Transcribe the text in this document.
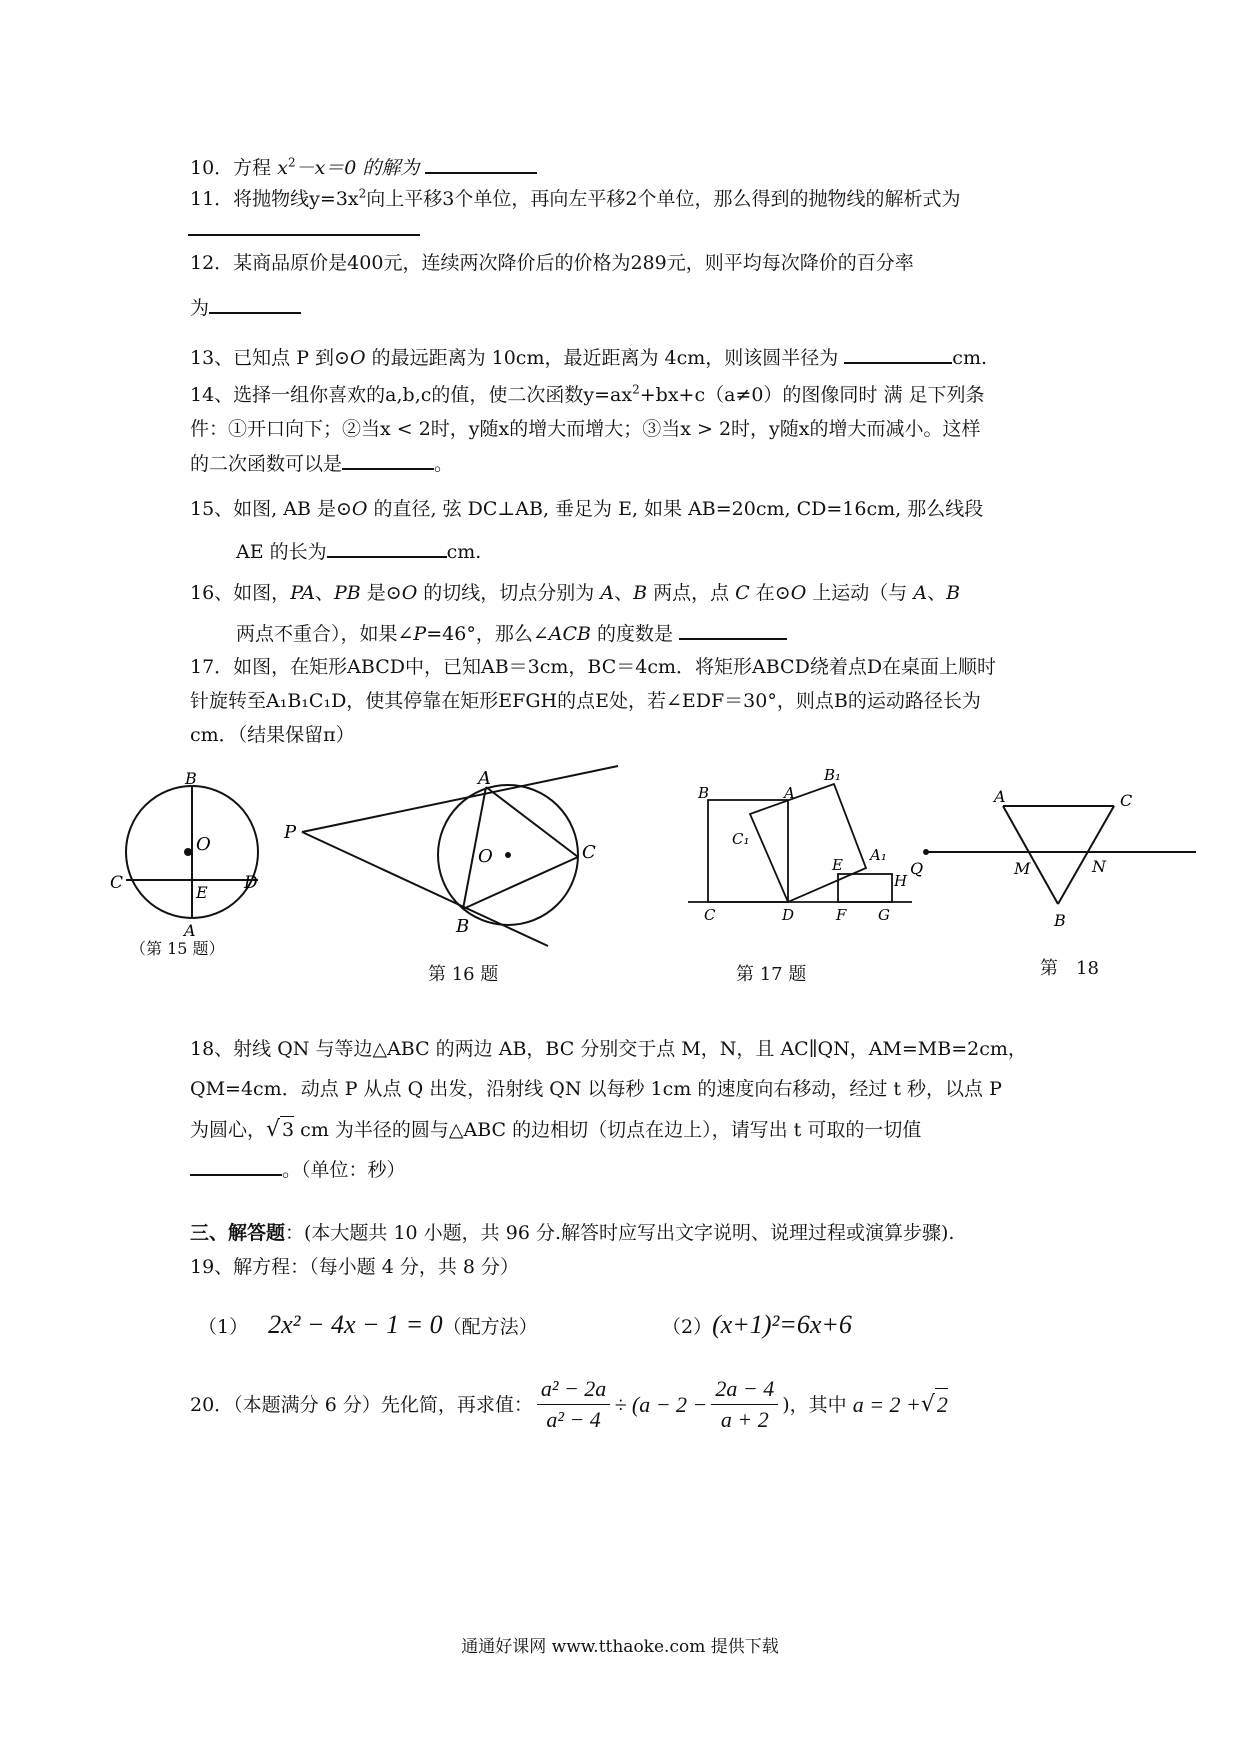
10．方程 $x^2-x=0$ 的解为
11．将抛物线$y=3x^2$向上平移3个单位，再向左平移2个单位，那么得到的抛物线的解析式为
12．某商品原价是400元，连续两次降价后的价格为289元，则平均每次降价的百分率
为
13、已知点 P 到⊙O 的最远距离为 10cm，最近距离为 4cm，则该圆半径为	cm.
14、选择一组你喜欢的a,b,c的值，使二次函数$y=ax^2+bx+c(a\ne 0)$的图像同时 满 足下列条
件：①开口向下；②当x < 2时，y随x的增大而增大；③当x > 2时，y随x的增大而减小。这样
的二次函数可以是	。
15、如图, AB 是⊙O 的直径, 弦 DC⊥AB, 垂足为 E, 如果 AB=20cm, CD=16cm, 那么线段
AE 的长为	cm.
16、如图，PA、PB 是⊙O 的切线，切点分别为 A、B 两点，点 C 在⊙O 上运动（与 A、B
两点不重合），如果∠P=46°，那么∠ACB 的度数是
17．如图，在矩形ABCD中，已知AB＝3cm，BC＝4cm．将矩形ABCD绕着点D在桌面上顺时
针旋转至A₁B₁C₁D，使其停靠在矩形EFGH的点E处，若∠EDF＝30°，则点B的运动路径长为
cm．（结果保留π）
B
O
C	E D
A
（第 15 题）
A
P
O	C
B
第 16 题
B₁
B	A
C₁
A₁
E
H
C	D	F G
第 17 题
A	C
Q	M	N
B
第　18
18、射线 QN 与等边△ABC 的两边 AB，BC 分别交于点 M，N，且 AC∥QN，AM=MB=2cm，
QM=4cm．动点 P 从点 Q 出发，沿射线 QN 以每秒 1cm 的速度向右移动，经过 t 秒，以点 P
为圆心，√ 3 cm 为半径的圆与△ABC 的边相切（切点在边上），请写出 t 可取的一切值
。（单位：秒）
三、解答题：(本大题共 10 小题，共 96 分.解答时应写出文字说明、说理过程或演算步骤).
19、解方程：（每小题 4 分，共 8 分）
（1） 2x² − 4x − 1 = 0（配方法）	（2）(x+1)²=6x+6
20．（本题满分 6 分）先化简，再求值： $\frac{\text{a² − 2a}}{\text{a² − 4}} \div (a - 2 - \frac{2a - 4}{a + 2}$ )，其中 a = 2 + √ 2
通通好课网 www.tthaoke.com 提供下载
